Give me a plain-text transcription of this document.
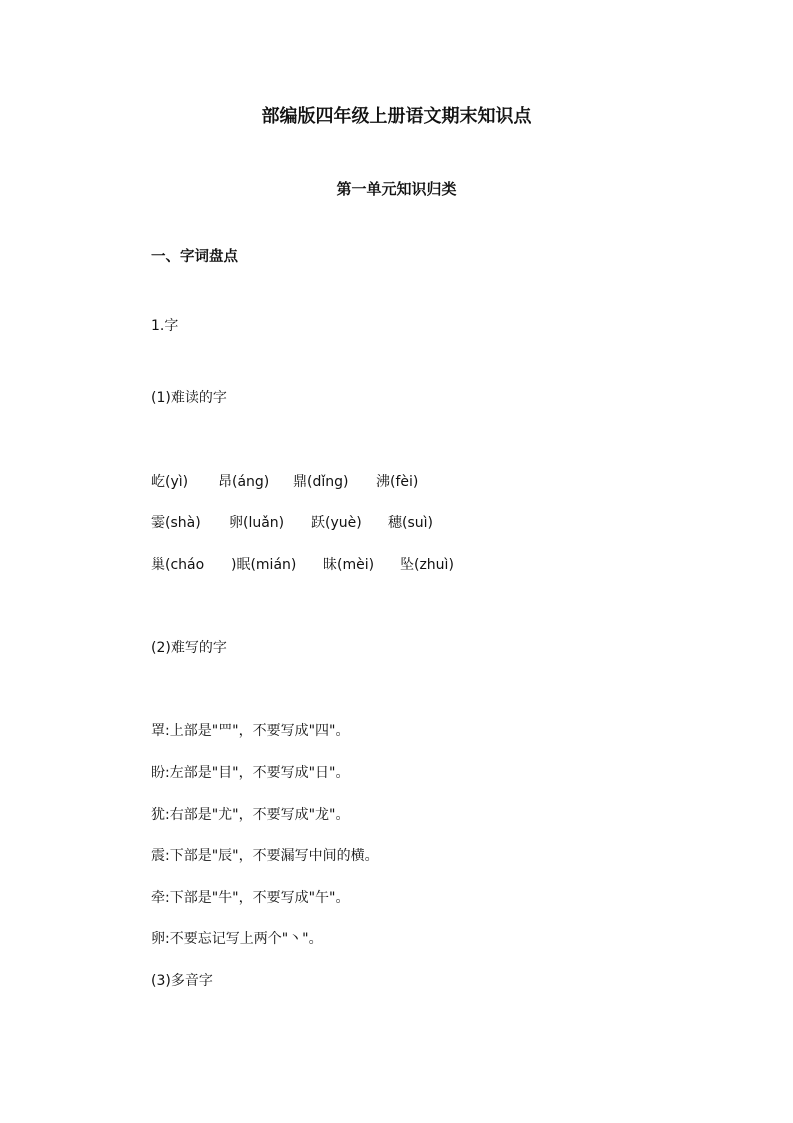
部编版四年级上册语文期末知识点
第一单元知识归类
一、字词盘点
1.字
(1)难读的字
屹(yì) 昂(áng) 鼎(dǐng) 沸(fèi)
霎(shà) 卵(luǎn) 跃(yuè) 穗(suì)
巢(cháo )眠(mián) 昧(mèi) 坠(zhuì)
(2)难写的字
罩:上部是"罒"，不要写成"四"。
盼:左部是"目"，不要写成"日"。
犹:右部是"尤"，不要写成"龙"。
震:下部是"辰"，不要漏写中间的横。
牵:下部是"牛"，不要写成"午"。
卵:不要忘记写上两个"丶"。
(3)多音字
